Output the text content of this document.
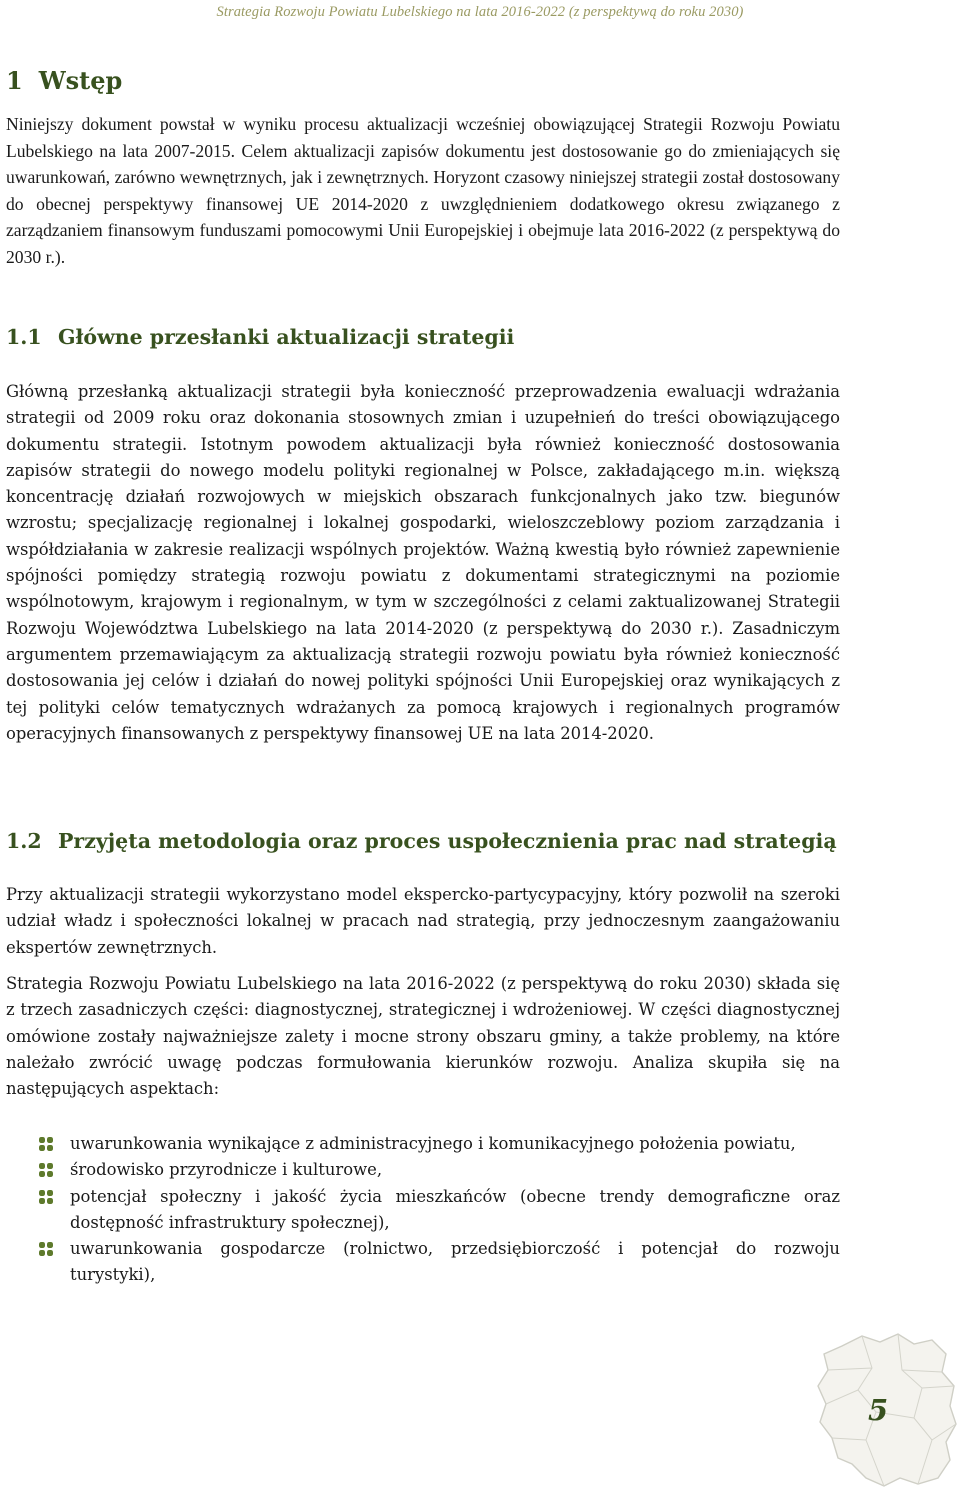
Strategia Rozwoju Powiatu Lubelskiego na lata 2016-2022 (z perspektywą do roku 2030)
1 Wstęp

Niniejszy dokument powstał w wyniku procesu aktualizacji wcześniej obowiązującej Strategii Rozwoju Powiatu Lubelskiego na lata 2007-2015. Celem aktualizacji zapisów dokumentu jest dostosowanie go do zmieniających się uwarunkowań, zarówno wewnętrznych, jak i zewnętrznych. Horyzont czasowy niniejszej strategii został dostosowany do obecnej perspektywy finansowej UE 2014-2020 z uwzględnieniem dodatkowego okresu związanego z zarządzaniem finansowym funduszami pomocowymi Unii Europejskiej i obejmuje lata 2016-2022 (z perspektywą do 2030 r.).

1.1 Główne przesłanki aktualizacji strategii

Główną przesłanką aktualizacji strategii była konieczność przeprowadzenia ewaluacji wdrażania strategii od 2009 roku oraz dokonania stosownych zmian i uzupełnień do treści obowiązującego dokumentu strategii. Istotnym powodem aktualizacji była również konieczność dostosowania zapisów strategii do nowego modelu polityki regionalnej w Polsce, zakładającego m.in. większą koncentrację działań rozwojowych w miejskich obszarach funkcjonalnych jako tzw. biegunów wzrostu; specjalizację regionalnej i lokalnej gospodarki, wieloszczeblowy poziom zarządzania i współdziałania w zakresie realizacji wspólnych projektów. Ważną kwestią było również zapewnienie spójności pomiędzy strategią rozwoju powiatu z dokumentami strategicznymi na poziomie wspólnotowym, krajowym i regionalnym, w tym w szczególności z celami zaktualizowanej Strategii Rozwoju Województwa Lubelskiego na lata 2014-2020 (z perspektywą do 2030 r.). Zasadniczym argumentem przemawiającym za aktualizacją strategii rozwoju powiatu była również konieczność dostosowania jej celów i działań do nowej polityki spójności Unii Europejskiej oraz wynikających z tej polityki celów tematycznych wdrażanych za pomocą krajowych i regionalnych programów operacyjnych finansowanych z perspektywy finansowej UE na lata 2014-2020.

1.2 Przyjęta metodologia oraz proces uspołecznienia prac nad strategią

Przy aktualizacji strategii wykorzystano model ekspercko-partycypacyjny, który pozwolił na szeroki udział władz i społeczności lokalnej w pracach nad strategią, przy jednoczesnym zaangażowaniu ekspertów zewnętrznych.

Strategia Rozwoju Powiatu Lubelskiego na lata 2016-2022 (z perspektywą do roku 2030) składa się z trzech zasadniczych części: diagnostycznej, strategicznej i wdrożeniowej. W części diagnostycznej omówione zostały najważniejsze zalety i mocne strony obszaru gminy, a także problemy, na które należało zwrócić uwagę podczas formułowania kierunków rozwoju. Analiza skupiła się na następujących aspektach:

uwarunkowania wynikające z administracyjnego i komunikacyjnego położenia powiatu,
środowisko przyrodnicze i kulturowe,
potencjał społeczny i jakość życia mieszkańców (obecne trendy demograficzne oraz dostępność infrastruktury społecznej),
uwarunkowania gospodarcze (rolnictwo, przedsiębiorczość i potencjał do rozwoju turystyki),
5
